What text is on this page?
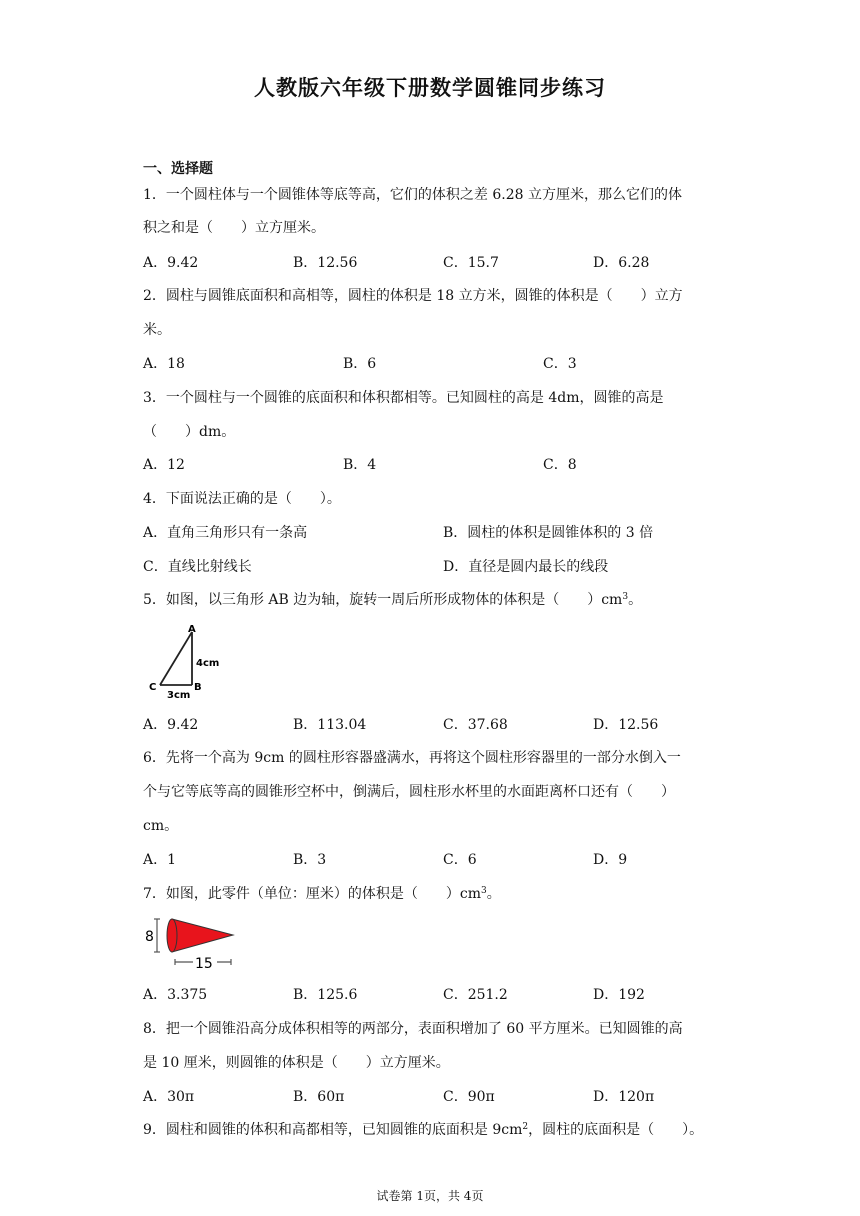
人教版六年级下册数学圆锥同步练习
一、选择题
1．一个圆柱体与一个圆锥体等底等高，它们的体积之差 6.28 立方厘米，那么它们的体
积之和是（　　）立方厘米。
A．9.42	B．12.56	C．15.7	D．6.28
2．圆柱与圆锥底面积和高相等，圆柱的体积是 18 立方米，圆锥的体积是（　　）立方
米。
A．18	B．6	C．3
3．一个圆柱与一个圆锥的底面积和体积都相等。已知圆柱的高是 4dm，圆锥的高是
（　　）dm。
A．12	B．4	C．8
4．下面说法正确的是（　　）。
A．直角三角形只有一条高	B．圆柱的体积是圆锥体积的 3 倍
C．直线比射线长	D．直径是圆内最长的线段
5．如图，以三角形 AB 边为轴，旋转一周后所形成物体的体积是（　　）$cm^3$。
A
B
C
4cm
3cm
A．9.42	B．113.04	C．37.68	D．12.56
6．先将一个高为 9cm 的圆柱形容器盛满水，再将这个圆柱形容器里的一部分水倒入一
个与它等底等高的圆锥形空杯中，倒满后，圆柱形水杯里的水面距离杯口还有（　　）
cm。
A．1	B．3	C．6	D．9
7．如图，此零件（单位：厘米）的体积是（　　）$cm^3$。
8
15
A．3.375	B．125.6	C．251.2	D．192
8．把一个圆锥沿高分成体积相等的两部分，表面积增加了 60 平方厘米。已知圆锥的高
是 10 厘米，则圆锥的体积是（　　）立方厘米。
A．30π	B．60π	C．90π	D．120π
9．圆柱和圆锥的体积和高都相等，已知圆锥的底面积是 $9cm^2$，圆柱的底面积是（　　）。
试卷第 1页，共 4页
